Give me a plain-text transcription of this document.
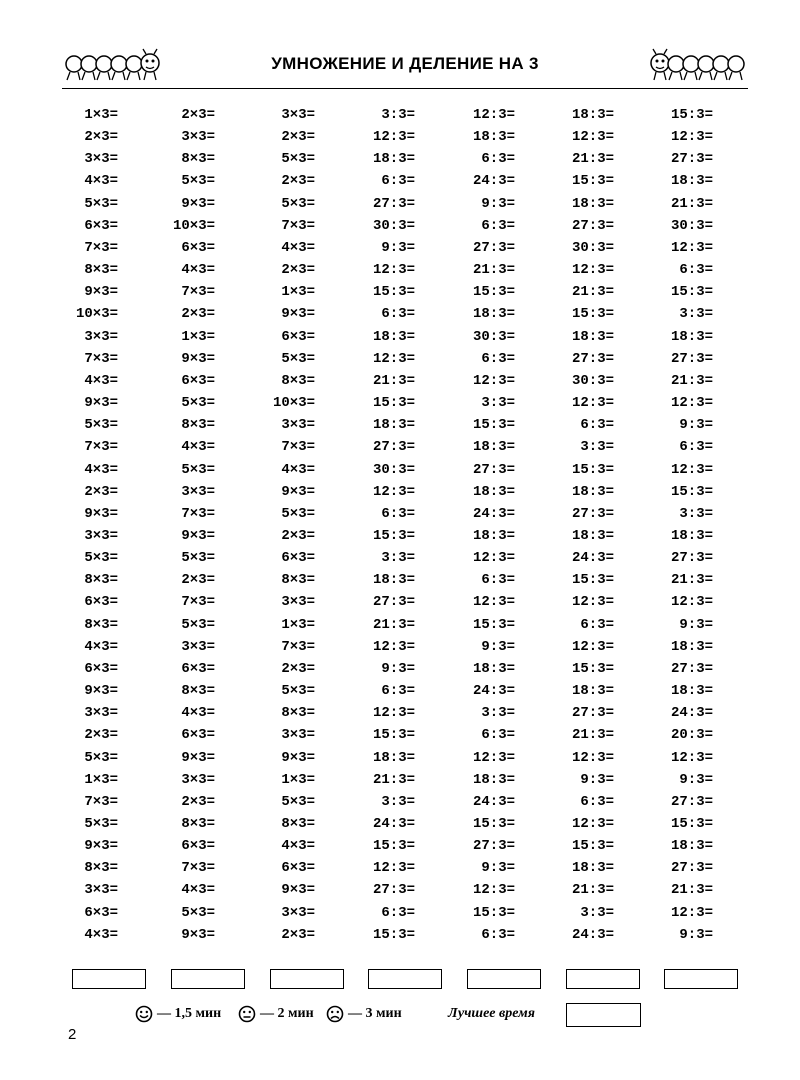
УМНОЖЕНИЕ И ДЕЛЕНИЕ НА 3
1×3=
2×3=
3×3=
4×3=
5×3=
6×3=
7×3=
8×3=
9×3=
10×3=
3×3=
7×3=
4×3=
9×3=
5×3=
7×3=
4×3=
2×3=
9×3=
3×3=
5×3=
8×3=
6×3=
8×3=
4×3=
6×3=
9×3=
3×3=
2×3=
5×3=
1×3=
7×3=
5×3=
9×3=
8×3=
3×3=
6×3=
4×3=
2×3=
3×3=
8×3=
5×3=
9×3=
10×3=
6×3=
4×3=
7×3=
2×3=
1×3=
9×3=
6×3=
5×3=
8×3=
4×3=
5×3=
3×3=
7×3=
9×3=
5×3=
2×3=
7×3=
5×3=
3×3=
6×3=
8×3=
4×3=
6×3=
9×3=
3×3=
2×3=
8×3=
6×3=
7×3=
4×3=
5×3=
9×3=
3×3=
2×3=
5×3=
2×3=
5×3=
7×3=
4×3=
2×3=
1×3=
9×3=
6×3=
5×3=
8×3=
10×3=
3×3=
7×3=
4×3=
9×3=
5×3=
2×3=
6×3=
8×3=
3×3=
1×3=
7×3=
2×3=
5×3=
8×3=
3×3=
9×3=
1×3=
5×3=
8×3=
4×3=
6×3=
9×3=
3×3=
2×3=
3:3=
12:3=
18:3=
6:3=
27:3=
30:3=
9:3=
12:3=
15:3=
6:3=
18:3=
12:3=
21:3=
15:3=
18:3=
27:3=
30:3=
12:3=
6:3=
15:3=
3:3=
18:3=
27:3=
21:3=
12:3=
9:3=
6:3=
12:3=
15:3=
18:3=
21:3=
3:3=
24:3=
15:3=
12:3=
27:3=
6:3=
15:3=
12:3=
18:3=
6:3=
24:3=
9:3=
6:3=
27:3=
21:3=
15:3=
18:3=
30:3=
6:3=
12:3=
3:3=
15:3=
18:3=
27:3=
18:3=
24:3=
18:3=
12:3=
6:3=
12:3=
15:3=
9:3=
18:3=
24:3=
3:3=
6:3=
12:3=
18:3=
24:3=
15:3=
27:3=
9:3=
12:3=
15:3=
6:3=
18:3=
12:3=
21:3=
15:3=
18:3=
27:3=
30:3=
12:3=
21:3=
15:3=
18:3=
27:3=
30:3=
12:3=
6:3=
3:3=
15:3=
18:3=
27:3=
18:3=
24:3=
15:3=
12:3=
6:3=
12:3=
15:3=
18:3=
27:3=
21:3=
12:3=
9:3=
6:3=
12:3=
15:3=
18:3=
21:3=
3:3=
24:3=
15:3=
12:3=
27:3=
18:3=
21:3=
30:3=
12:3=
6:3=
15:3=
3:3=
18:3=
27:3=
21:3=
12:3=
9:3=
6:3=
12:3=
15:3=
3:3=
18:3=
27:3=
21:3=
12:3=
9:3=
18:3=
27:3=
18:3=
24:3=
20:3=
12:3=
9:3=
27:3=
15:3=
18:3=
27:3=
21:3=
12:3=
9:3=
— 1,5 мин	— 2 мин — 3 мин	Лучшее время
2
